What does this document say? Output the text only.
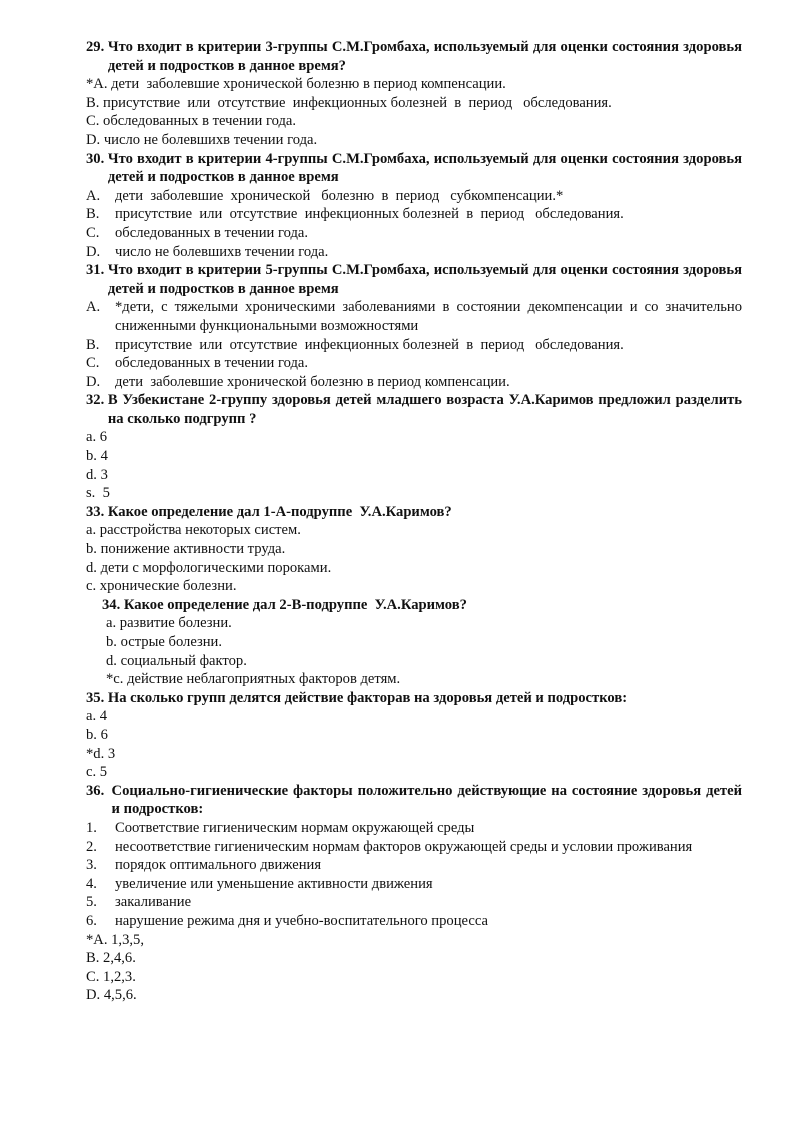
29. Что входит в критерии 3-группы С.М.Громбаха, используемый для оценки состояния здоровья детей и подростков в данное время?
*A. дети  заболевшие хронической болезню в период компенсации.
B. присутствие  или  отсутствие  инфекционных болезней  в  период   обследования.
C. обследованных в течении года.
D. число не болевшихв течении года.
30. Что входит в критерии 4-группы С.М.Громбаха, используемый для оценки состояния здоровья детей и подростков в данное время
A.	дети  заболевшие  хронической   болезню  в  период   субкомпенсации.*
B.	присутствие  или  отсутствие  инфекционных болезней  в  период   обследования.
C.	обследованных в течении года.
D.	число не болевшихв течении года.
31. Что входит в критерии 5-группы С.М.Громбаха, используемый для оценки состояния здоровья детей и подростков в данное время
A.	*дети, с тяжелыми хроническими заболеваниями в состоянии декомпенсации и со значительно сниженными функциональными возможностями
B.	присутствие  или  отсутствие  инфекционных болезней  в  период   обследования.
C.	обследованных в течении года.
D.	дети  заболевшие хронической болезню в период компенсации.
32. В Узбекистане 2-группу здоровья детей младшего возраста У.А.Каримов предложил разделить на сколько подгрупп ?
a. 6
b. 4
d. 3
s.  5
33. Какое определение дал 1-А-подруппе  У.А.Каримов?
a. расстройства некоторых систем.
b. понижение активности труда.
d. дети с морфологическими пороками.
c. хронические болезни.
34. Какое определение дал 2-В-подруппе  У.А.Каримов?
a. развитие болезни.
b. острые болезни.
d. социальный фактор.
*c. действие неблагоприятных факторов детям.
35. На сколько групп делятся действие факторав на здоровья детей и подростков:
a. 4
b. 6
*d. 3
c. 5
36. Социально-гигиенические факторы положительно действующие на состояние здоровья детей и подростков:
1.	Соответствие гигиеническим нормам окружающей среды
2.	несоответствие гигиеническим нормам факторов окружающей среды и условии проживания
3.	порядок оптимального движения
4.	увеличение или уменьшение активности движения
5.	закаливание
6.	нарушение режима дня и учебно-воспитательного процесса
*A. 1,3,5,
B. 2,4,6.
C. 1,2,3.
D. 4,5,6.
